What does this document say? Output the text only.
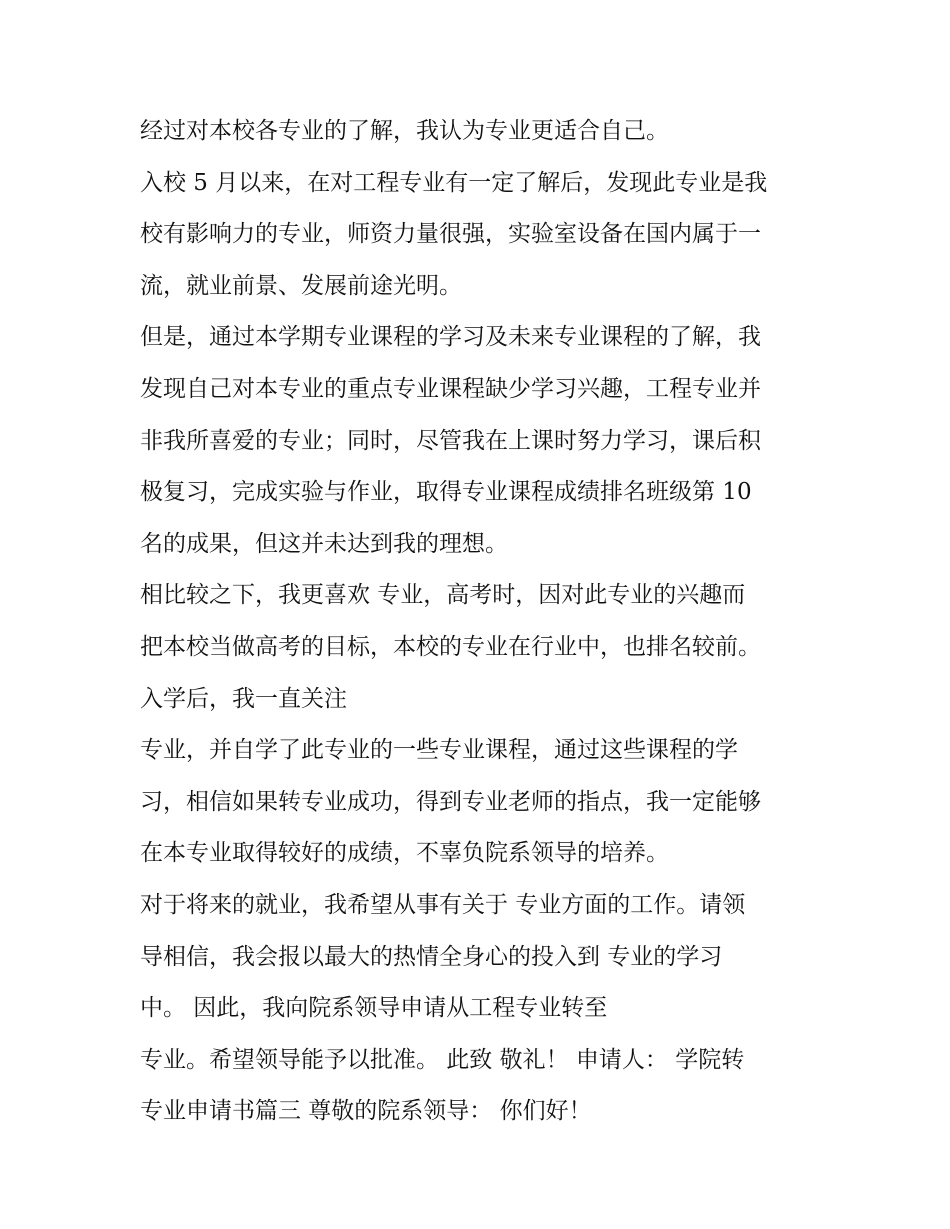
经过对本校各专业的了解，我认为专业更适合自己。
入校 5 月以来，在对工程专业有一定了解后，发现此专业是我
校有影响力的专业，师资力量很强，实验室设备在国内属于一
流，就业前景、发展前途光明。
但是，通过本学期专业课程的学习及未来专业课程的了解，我
发现自己对本专业的重点专业课程缺少学习兴趣，工程专业并
非我所喜爱的专业；同时，尽管我在上课时努力学习，课后积
极复习，完成实验与作业，取得专业课程成绩排名班级第 10
名的成果，但这并未达到我的理想。
相比较之下，我更喜欢 专业，高考时，因对此专业的兴趣而
把本校当做高考的目标，本校的专业在行业中，也排名较前。
入学后，我一直关注
专业，并自学了此专业的一些专业课程，通过这些课程的学
习，相信如果转专业成功，得到专业老师的指点，我一定能够
在本专业取得较好的成绩，不辜负院系领导的培养。
对于将来的就业，我希望从事有关于 专业方面的工作。请领
导相信，我会报以最大的热情全身心的投入到 专业的学习
中。 因此，我向院系领导申请从工程专业转至
专业。希望领导能予以批准。 此致 敬礼！ 申请人： 学院转
专业申请书篇三 尊敬的院系领导： 你们好！
